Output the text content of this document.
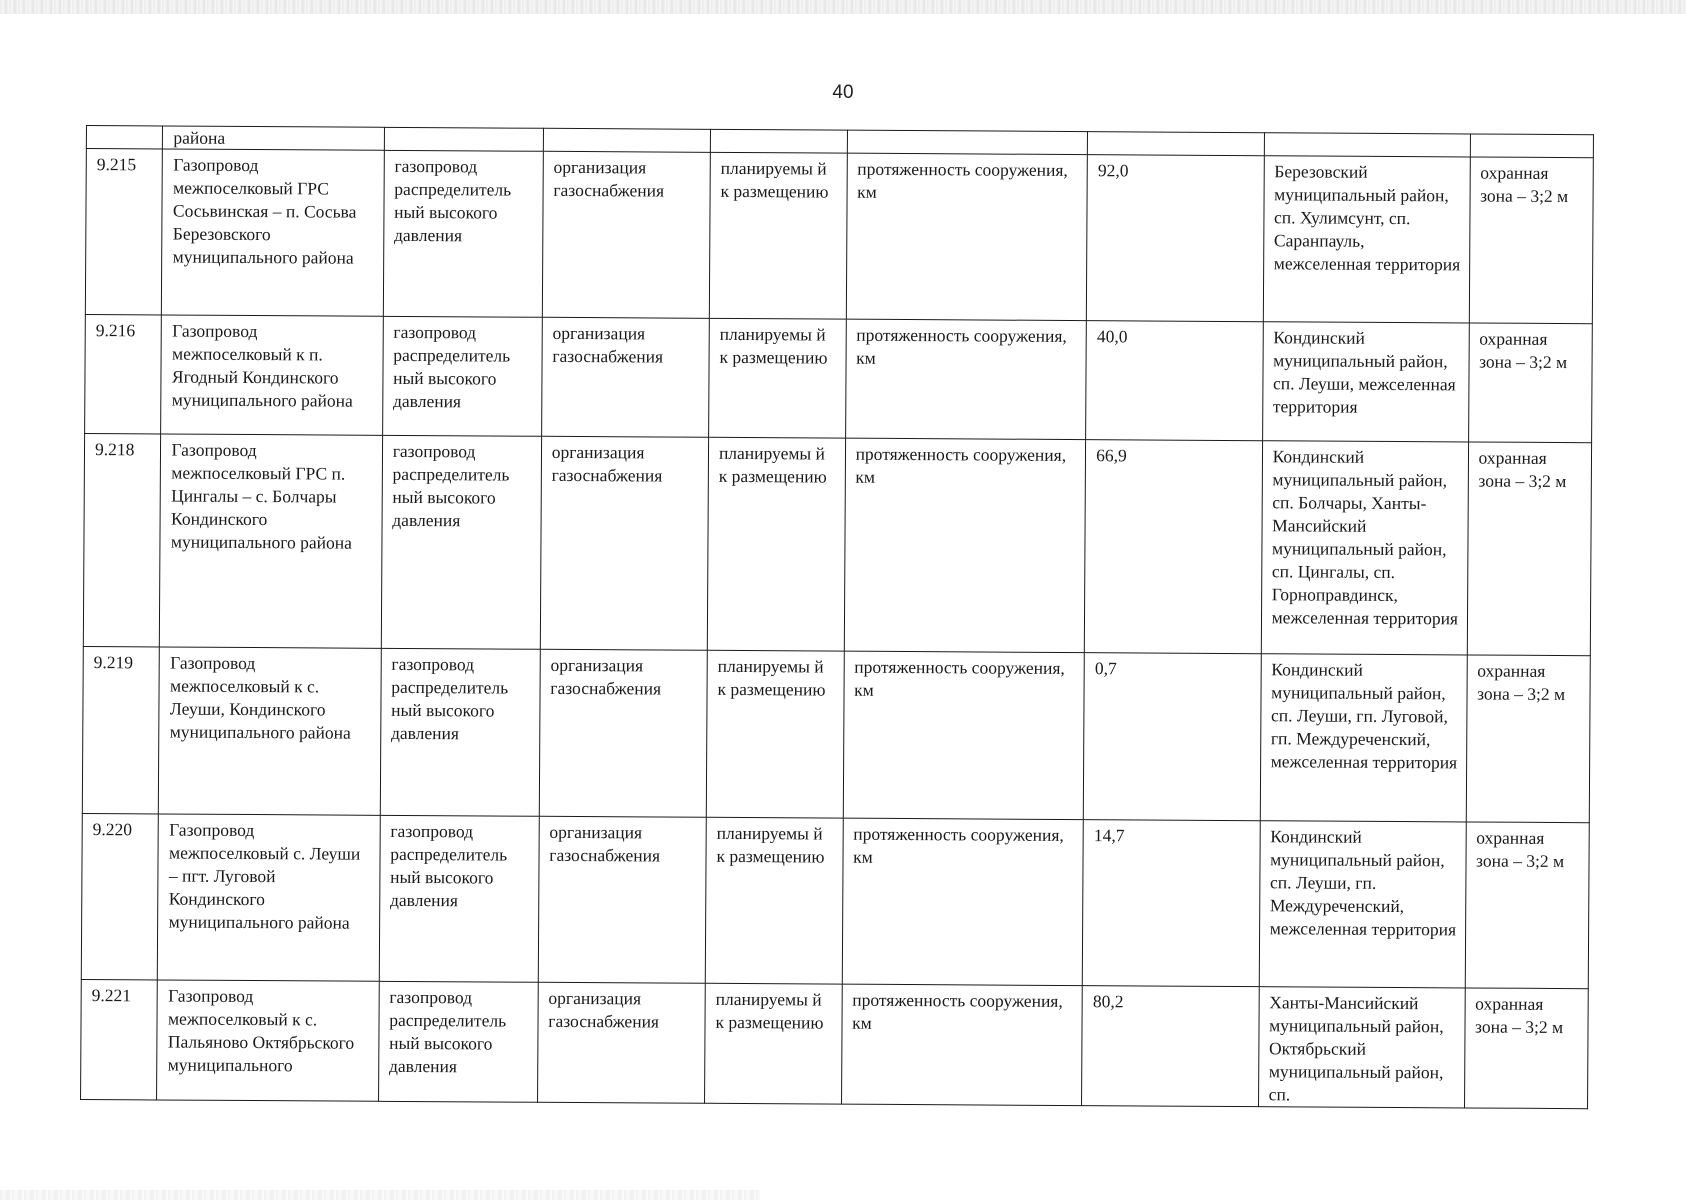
40
	района							
9.215	Газопровод межпоселковый ГРС Сосьвинская – п. Сосьва Березовского муниципального района	газопровод распределитель ный высокого давления	организация газоснабжения	планируемы й к размещению	протяженность сооружения, км	92,0	Березовский муниципальный район, сп. Хулимсунт, сп. Саранпауль, межселенная территория	охранная зона – 3;2 м
9.216	Газопровод межпоселковый к п. Ягодный Кондинского муниципального района	газопровод распределитель ный высокого давления	организация газоснабжения	планируемы й к размещению	протяженность сооружения, км	40,0	Кондинский муниципальный район, сп. Леуши, межселенная территория	охранная зона – 3;2 м
9.218	Газопровод межпоселковый ГРС п. Цингалы – с. Болчары Кондинского муниципального района	газопровод распределитель ный высокого давления	организация газоснабжения	планируемы й к размещению	протяженность сооружения, км	66,9	Кондинский муниципальный район, сп. Болчары, Ханты-Мансийский муниципальный район, сп. Цингалы, сп. Горноправдинск, межселенная территория	охранная зона – 3;2 м
9.219	Газопровод межпоселковый к с. Леуши, Кондинского муниципального района	газопровод распределитель ный высокого давления	организация газоснабжения	планируемы й к размещению	протяженность сооружения, км	0,7	Кондинский муниципальный район, сп. Леуши, гп. Луговой, гп. Междуреченский, межселенная территория	охранная зона – 3;2 м
9.220	Газопровод межпоселковый с. Леуши – пгт. Луговой Кондинского муниципального района	газопровод распределитель ный высокого давления	организация газоснабжения	планируемы й к размещению	протяженность сооружения, км	14,7	Кондинский муниципальный район, сп. Леуши, гп. Междуреченский, межселенная территория	охранная зона – 3;2 м
9.221	Газопровод межпоселковый к с. Пальяново Октябрьского муниципального	газопровод распределитель ный высокого давления	организация газоснабжения	планируемы й к размещению	протяженность сооружения, км	80,2	Ханты-Мансийский муниципальный район, Октябрьский муниципальный район, сп.	охранная зона – 3;2 м
